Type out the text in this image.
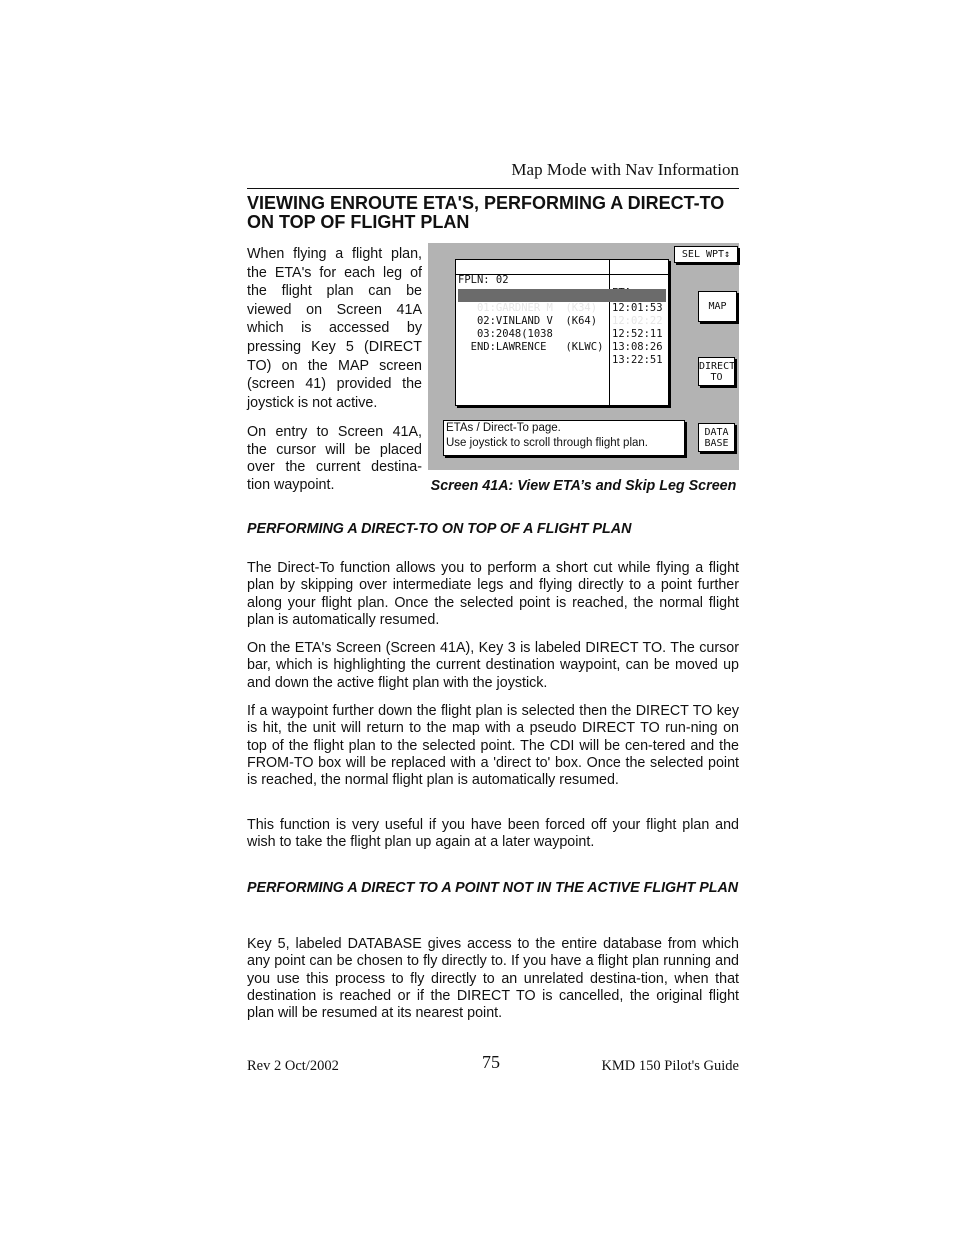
Map Mode with Nav Information
VIEWING ENROUTE ETA'S, PERFORMING A DIRECT-TO ON TOP OF FLIGHT PLAN

When flying a flight plan, the ETA's for each leg of the flight plan can be viewed on Screen 41A which is accessed by pressing Key 5 (DIRECT TO) on the MAP screen (screen 41) provided the joystick is not active.

On entry to Screen 41A, the cursor will be placed over the current destina-tion waypoint.

FPLN: 02

12:01:53

01:GARDNER M  (K34)

12:02:22

02:VINLAND V  (K64)

12:52:11

03:2048(1038

13:08:26

END:LAWRENCE   (KLWC)

13:22:51

SEL WPT↕
MAP
DIRECT
TO
DATA
BASE
ETAs / Direct-To page.
Use joystick to scroll through flight plan.

Screen 41A: View ETA’s and Skip Leg Screen

PERFORMING A DIRECT-TO ON TOP OF A FLIGHT PLAN

The Direct-To function allows you to perform a short cut while flying a flight plan by skipping over intermediate legs and flying directly to a point further along your flight plan. Once the selected point is reached, the normal flight plan is automatically resumed.

On the ETA's Screen (Screen 41A), Key 3 is labeled DIRECT TO. The cursor bar, which is highlighting the current destination waypoint, can be moved up and down the active flight plan with the joystick.

If a waypoint further down the flight plan is selected then the DIRECT TO key is hit, the unit will return to the map with a pseudo DIRECT TO run-ning on top of the flight plan to the selected point. The CDI will be cen-tered and the FROM-TO box will be replaced with a 'direct to' box. Once the selected point is reached, the normal flight plan is automatically resumed.

This function is very useful if you have been forced off your flight plan and wish to take the flight plan up again at a later waypoint.

PERFORMING A DIRECT TO A POINT NOT IN THE ACTIVE FLIGHT PLAN

Key 5, labeled DATABASE gives access to the entire database from which any point can be chosen to fly directly to. If you have a flight plan running and you use this process to fly directly to an unrelated destina-tion, when that destination is reached or if the DIRECT TO is cancelled, the original flight plan will be resumed at its nearest point.

Rev 2 Oct/2002	75	KMD 150 Pilot's Guide
